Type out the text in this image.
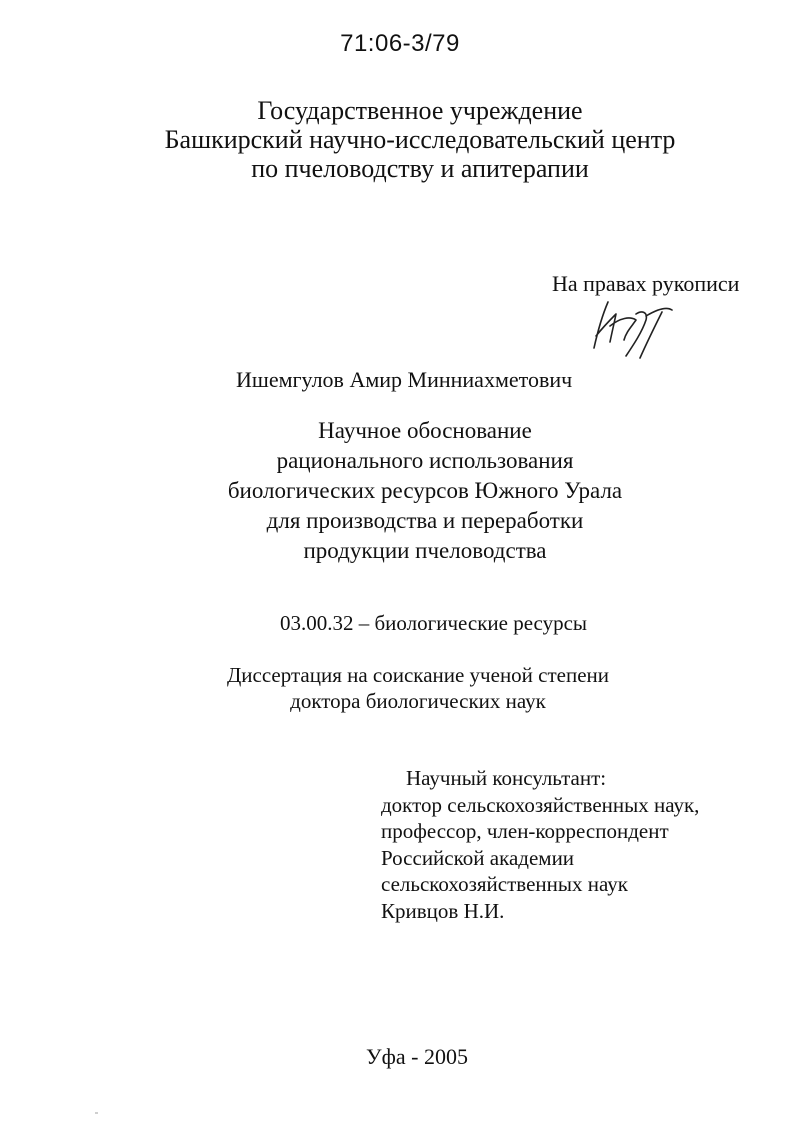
71:06-3/79
Государственное учреждение
Башкирский научно-исследовательский центр
по пчеловодству и апитерапии
На правах рукописи
Ишемгулов Амир Минниахметович
Научное обоснование
рационального использования
биологических ресурсов Южного Урала
для производства и переработки
продукции пчеловодства
03.00.32 – биологические ресурсы
Диссертация на соискание ученой степени
доктора биологических наук
Научный консультант:
доктор сельскохозяйственных наук,
профессор, член-корреспондент
Российской академии
сельскохозяйственных наук
Кривцов Н.И.
Уфа - 2005
